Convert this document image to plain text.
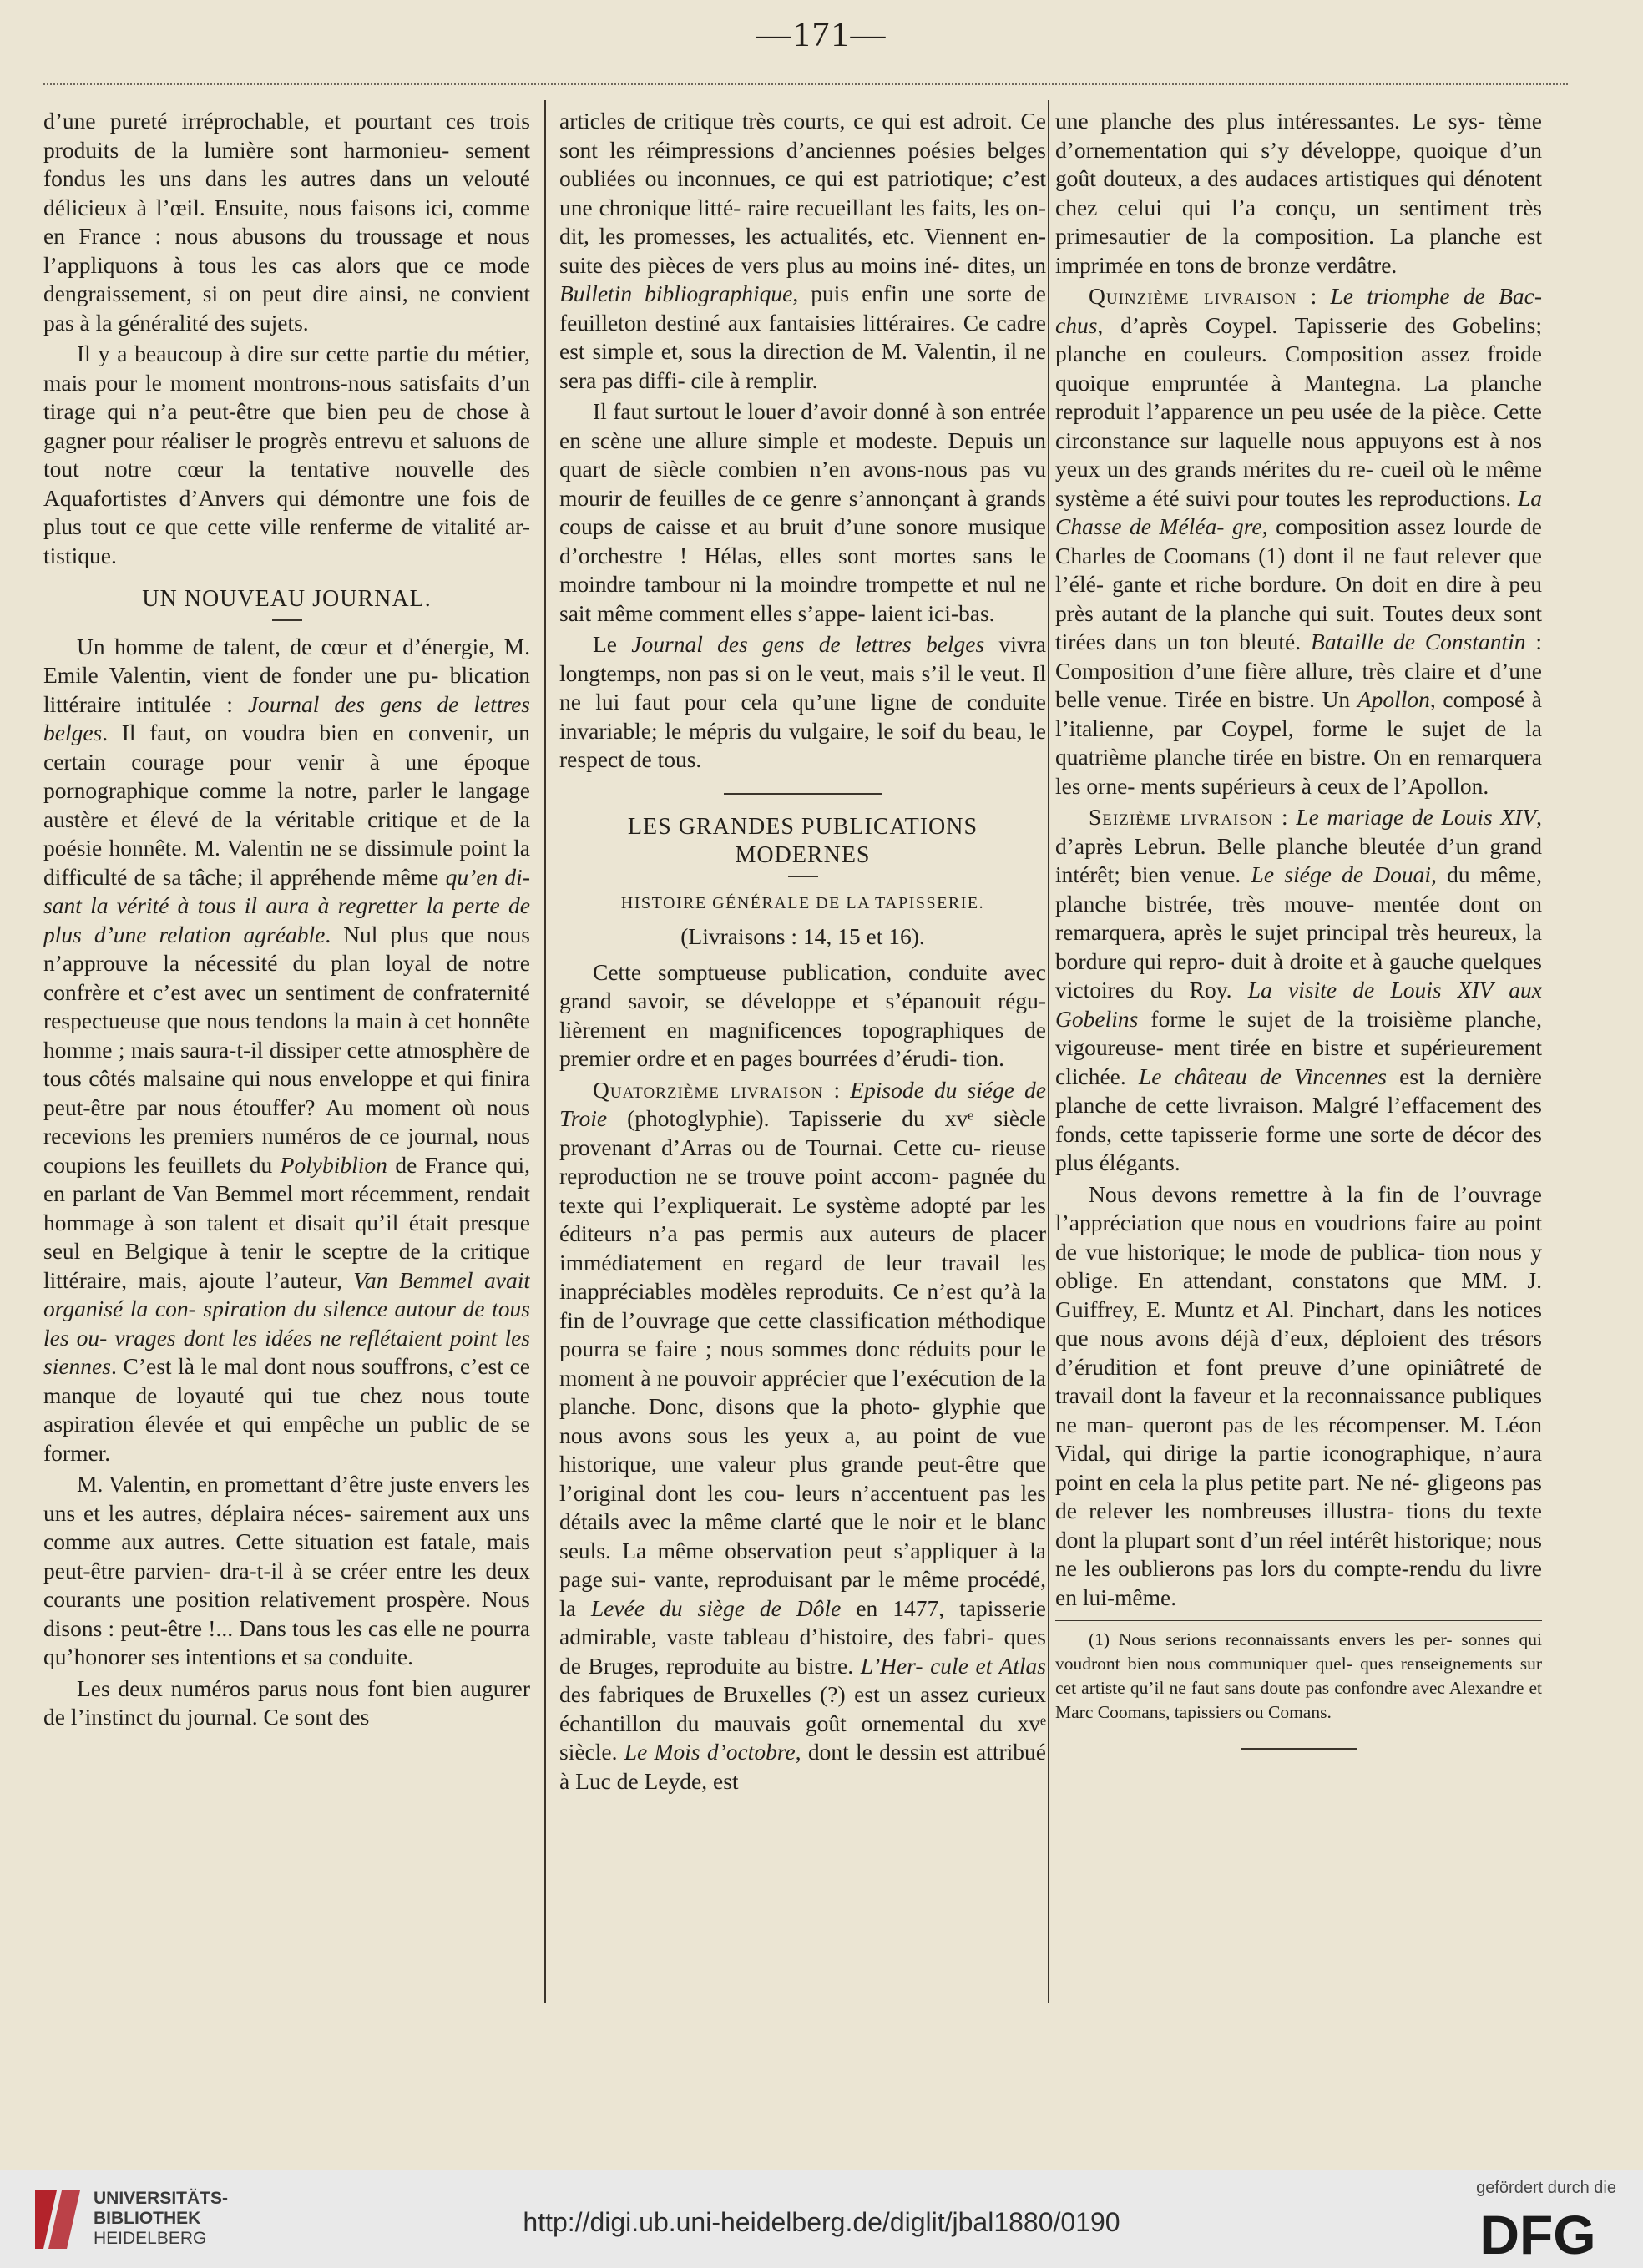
—171—

d’une pureté irréprochable, et pourtant ces trois produits de la lumière sont harmonieu- sement fondus les uns dans les autres dans un velouté délicieux à l’œil. Ensuite, nous faisons ici, comme en France : nous abusons du troussage et nous l’appliquons à tous les cas alors que ce mode dengraissement, si on peut dire ainsi, ne convient pas à la généralité des sujets.

Il y a beaucoup à dire sur cette partie du métier, mais pour le moment montrons-nous satisfaits d’un tirage qui n’a peut-être que bien peu de chose à gagner pour réaliser le progrès entrevu et saluons de tout notre cœur la tentative nouvelle des Aquafortistes d’Anvers qui démontre une fois de plus tout ce que cette ville renferme de vitalité ar- tistique.

UN NOUVEAU JOURNAL.

Un homme de talent, de cœur et d’énergie, M. Emile Valentin, vient de fonder une pu- blication littéraire intitulée : Journal des gens de lettres belges. Il faut, on voudra bien en convenir, un certain courage pour venir à une époque pornographique comme la notre, parler le langage austère et élevé de la véritable critique et de la poésie honnête. M. Valentin ne se dissimule point la difficulté de sa tâche; il appréhende même qu’en di- sant la vérité à tous il aura à regretter la perte de plus d’une relation agréable. Nul plus que nous n’approuve la nécessité du plan loyal de notre confrère et c’est avec un sentiment de confraternité respectueuse que nous tendons la main à cet honnête homme ; mais saura-t-il dissiper cette atmosphère de tous côtés malsaine qui nous enveloppe et qui finira peut-être par nous étouffer? Au moment où nous recevions les premiers numéros de ce journal, nous coupions les feuillets du Polybiblion de France qui, en parlant de Van Bemmel mort récemment, rendait hommage à son talent et disait qu’il était presque seul en Belgique à tenir le sceptre de la critique littéraire, mais, ajoute l’auteur, Van Bemmel avait organisé la con- spiration du silence autour de tous les ou- vrages dont les idées ne reflétaient point les siennes. C’est là le mal dont nous souffrons, c’est ce manque de loyauté qui tue chez nous toute aspiration élevée et qui empêche un public de se former.

M. Valentin, en promettant d’être juste envers les uns et les autres, déplaira néces- sairement aux uns comme aux autres. Cette situation est fatale, mais peut-être parvien- dra-t-il à se créer entre les deux courants une position relativement prospère. Nous disons : peut-être !... Dans tous les cas elle ne pourra qu’honorer ses intentions et sa conduite.

Les deux numéros parus nous font bien augurer de l’instinct du journal. Ce sont des

articles de critique très courts, ce qui est adroit. Ce sont les réimpressions d’anciennes poésies belges oubliées ou inconnues, ce qui est patriotique; c’est une chronique litté- raire recueillant les faits, les on-dit, les promesses, les actualités, etc. Viennent en- suite des pièces de vers plus au moins iné- dites, un Bulletin bibliographique, puis enfin une sorte de feuilleton destiné aux fantaisies littéraires. Ce cadre est simple et, sous la direction de M. Valentin, il ne sera pas diffi- cile à remplir.

Il faut surtout le louer d’avoir donné à son entrée en scène une allure simple et modeste. Depuis un quart de siècle combien n’en avons-nous pas vu mourir de feuilles de ce genre s’annonçant à grands coups de caisse et au bruit d’une sonore musique d’orchestre ! Hélas, elles sont mortes sans le moindre tambour ni la moindre trompette et nul ne sait même comment elles s’appe- laient ici-bas.

Le Journal des gens de lettres belges vivra longtemps, non pas si on le veut, mais s’il le veut. Il ne lui faut pour cela qu’une ligne de conduite invariable; le mépris du vulgaire, le soif du beau, le respect de tous.

LES GRANDES PUBLICATIONS MODERNES
HISTOIRE GÉNÉRALE DE LA TAPISSERIE.
(Livraisons : 14, 15 et 16).

Cette somptueuse publication, conduite avec grand savoir, se développe et s’épanouit régu- lièrement en magnificences topographiques de premier ordre et en pages bourrées d’érudi- tion.

Quatorzième livraison : Episode du siége de Troie (photoglyphie). Tapisserie du xvᵉ siècle provenant d’Arras ou de Tournai. Cette cu- rieuse reproduction ne se trouve point accom- pagnée du texte qui l’expliquerait. Le système adopté par les éditeurs n’a pas permis aux auteurs de placer immédiatement en regard de leur travail les inappréciables modèles reproduits. Ce n’est qu’à la fin de l’ouvrage que cette classification méthodique pourra se faire ; nous sommes donc réduits pour le moment à ne pouvoir apprécier que l’exécution de la planche. Donc, disons que la photo- glyphie que nous avons sous les yeux a, au point de vue historique, une valeur plus grande peut-être que l’original dont les cou- leurs n’accentuent pas les détails avec la même clarté que le noir et le blanc seuls. La même observation peut s’appliquer à la page sui- vante, reproduisant par le même procédé, la Levée du siège de Dôle en 1477, tapisserie admirable, vaste tableau d’histoire, des fabri- ques de Bruges, reproduite au bistre. L’Her- cule et Atlas des fabriques de Bruxelles (?) est un assez curieux échantillon du mauvais goût ornemental du xvᵉ siècle. Le Mois d’octobre, dont le dessin est attribué à Luc de Leyde, est

une planche des plus intéressantes. Le sys- tème d’ornementation qui s’y développe, quoique d’un goût douteux, a des audaces artistiques qui dénotent chez celui qui l’a conçu, un sentiment très primesautier de la composition. La planche est imprimée en tons de bronze verdâtre.

Quinzième livraison : Le triomphe de Bac- chus, d’après Coypel. Tapisserie des Gobelins; planche en couleurs. Composition assez froide quoique empruntée à Mantegna. La planche reproduit l’apparence un peu usée de la pièce. Cette circonstance sur laquelle nous appuyons est à nos yeux un des grands mérites du re- cueil où le même système a été suivi pour toutes les reproductions. La Chasse de Méléa- gre, composition assez lourde de Charles de Coomans (1) dont il ne faut relever que l’élé- gante et riche bordure. On doit en dire à peu près autant de la planche qui suit. Toutes deux sont tirées dans un ton bleuté. Bataille de Constantin : Composition d’une fière allure, très claire et d’une belle venue. Tirée en bistre. Un Apollon, composé à l’italienne, par Coypel, forme le sujet de la quatrième planche tirée en bistre. On en remarquera les orne- ments supérieurs à ceux de l’Apollon.

Seizième livraison : Le mariage de Louis XIV, d’après Lebrun. Belle planche bleutée d’un grand intérêt; bien venue. Le siége de Douai, du même, planche bistrée, très mouve- mentée dont on remarquera, après le sujet principal très heureux, la bordure qui repro- duit à droite et à gauche quelques victoires du Roy. La visite de Louis XIV aux Gobelins forme le sujet de la troisième planche, vigoureuse- ment tirée en bistre et supérieurement clichée. Le château de Vincennes est la dernière planche de cette livraison. Malgré l’effacement des fonds, cette tapisserie forme une sorte de décor des plus élégants.

Nous devons remettre à la fin de l’ouvrage l’appréciation que nous en voudrions faire au point de vue historique; le mode de publica- tion nous y oblige. En attendant, constatons que MM. J. Guiffrey, E. Muntz et Al. Pinchart, dans les notices que nous avons déjà d’eux, déploient des trésors d’érudition et font preuve d’une opiniâtreté de travail dont la faveur et la reconnaissance publiques ne man- queront pas de les récompenser. M. Léon Vidal, qui dirige la partie iconographique, n’aura point en cela la plus petite part. Ne né- gligeons pas de relever les nombreuses illustra- tions du texte dont la plupart sont d’un réel intérêt historique; nous ne les oublierons pas lors du compte-rendu du livre en lui-même.

(1) Nous serions reconnaissants envers les per- sonnes qui voudront bien nous communiquer quel- ques renseignements sur cet artiste qu’il ne faut sans doute pas confondre avec Alexandre et Marc Coomans, tapissiers ou Comans.

UNIVERSITÄTS-
BIBLIOTHEK
HEIDELBERG
http://digi.ub.uni-heidelberg.de/diglit/jbal1880/0190
gefördert durch die
DFG
